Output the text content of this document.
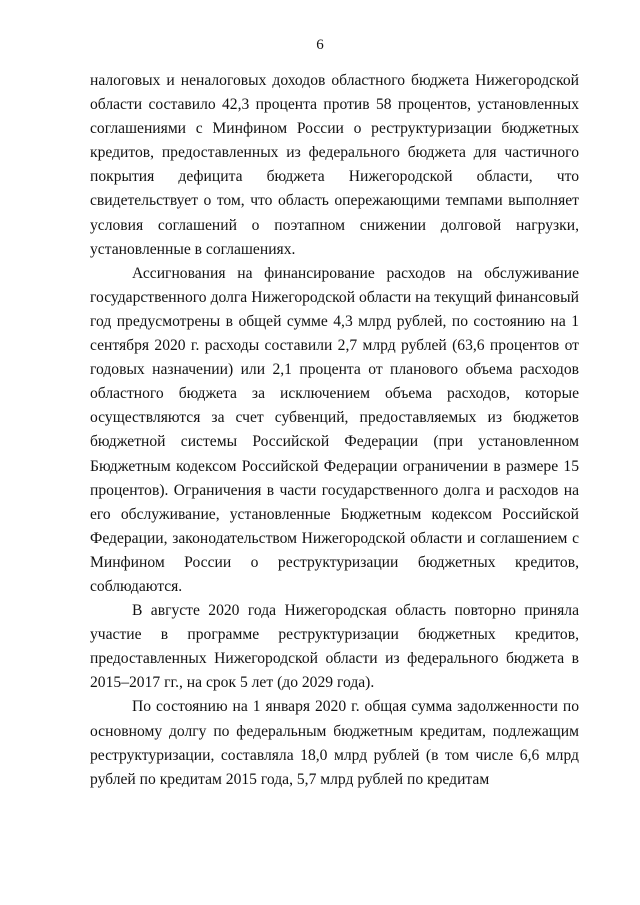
6

налоговых и неналоговых доходов областного бюджета Нижегородской области составило 42,3 процента против 58 процентов, установленных соглашениями с Минфином России о реструктуризации бюджетных кредитов, предоставленных из федерального бюджета для частичного покрытия дефицита бюджета Нижегородской области, что свидетельствует о том, что область опережающими темпами выполняет условия соглашений о поэтапном снижении долговой нагрузки, установленные в соглашениях.

Ассигнования на финансирование расходов на обслуживание государственного долга Нижегородской области на текущий финансовый год предусмотрены в общей сумме 4,3 млрд рублей, по состоянию на 1 сентября 2020 г. расходы составили 2,7 млрд рублей (63,6 процентов от годовых назначении) или 2,1 процента от планового объема расходов областного бюджета за исключением объема расходов, которые осуществляются за счет субвенций, предоставляемых из бюджетов бюджетной системы Российской Федерации (при установленном Бюджетным кодексом Российской Федерации ограничении в размере 15 процентов). Ограничения в части государственного долга и расходов на его обслуживание, установленные Бюджетным кодексом Российской Федерации, законодательством Нижегородской области и соглашением с Минфином России о реструктуризации бюджетных кредитов, соблюдаются.

В августе 2020 года Нижегородская область повторно приняла участие в программе реструктуризации бюджетных кредитов, предоставленных Нижегородской области из федерального бюджета в 2015–2017 гг., на срок 5 лет (до 2029 года).

По состоянию на 1 января 2020 г. общая сумма задолженности по основному долгу по федеральным бюджетным кредитам, подлежащим реструктуризации, составляла 18,0 млрд рублей (в том числе 6,6 млрд рублей по кредитам 2015 года, 5,7 млрд рублей по кредитам
